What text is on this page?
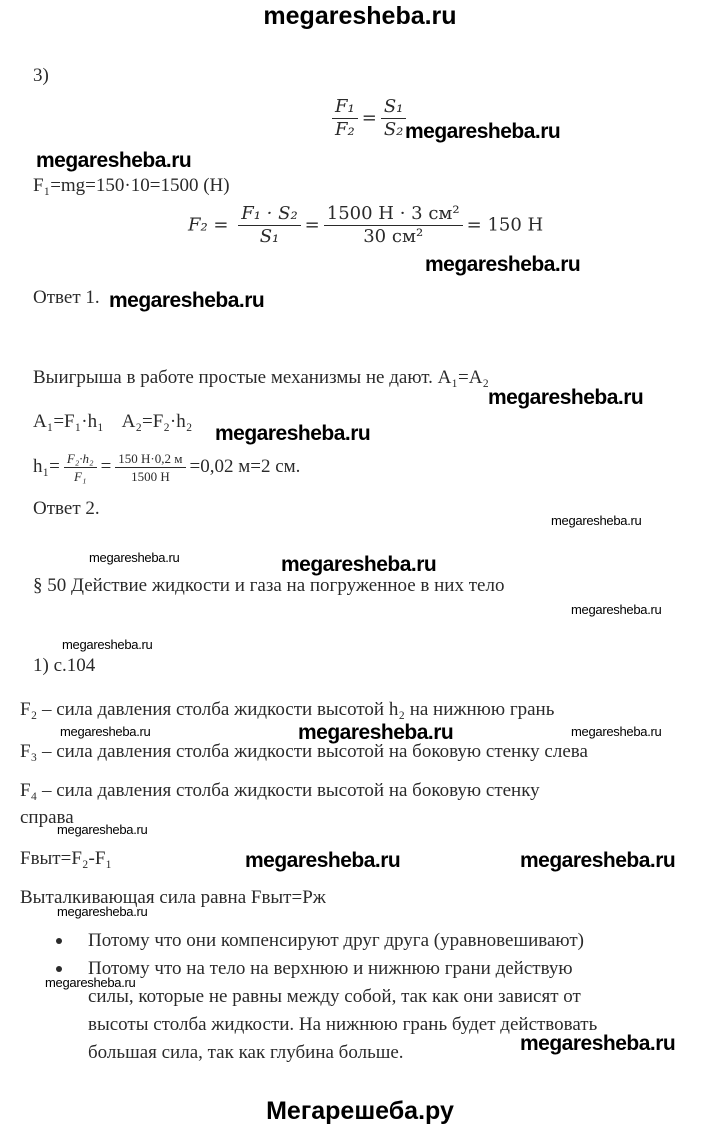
megaresheba.ru
3)
$\frac{\text{F₁}}{\text{F₂}} = \frac{\text{S₁}}{\text{S₂}}$
megaresheba.ru
megaresheba.ru
F₁=mg=150·10=1500 (Н)
$F_2 = \frac{\text{F₁ · S₂}}{\text{S₁}} = \frac{\text{1500 H · 3 см²}}{\text{30 см²}} = 150$ Н
megaresheba.ru
Ответ 1. megaresheba.ru
Выигрыша в работе простые механизмы не дают. A₁=A₂
megaresheba.ru
A₁=F₁·h₁    A₂=F₂·h₂
megaresheba.ru
$h_1= \frac{\text{F₂·h₂}}{\text{F₁}} = \frac{150 Н\cdot 0,2 м}{1500 Н} =0,02$ м=2 см.
Ответ 2.
megaresheba.ru
megaresheba.ru	megaresheba.ru
§ 50 Действие жидкости и газа на погруженное в них тело
megaresheba.ru
megaresheba.ru
1) с.104
F₂ – сила давления столба жидкости высотой h₂ на нижнюю грань
megaresheba.ru	megaresheba.ru	megaresheba.ru
F₃ – сила давления столба жидкости высотой на боковую стенку слева
F₄ – сила давления столба жидкости высотой на боковую стенку
справа
megaresheba.ru
Fвыт=F₂-F₁	megaresheba.ru	megaresheba.ru
Выталкивающая сила равна Fвыт=Pж
megaresheba.ru
Потому что они компенсируют друг друга (уравновешивают)
Потому что на тело на верхнюю и нижнюю грани действую
megaresheba.ru
силы, которые не равны между собой, так как они зависят от
высоты столба жидкости. На нижнюю грань будет действовать
большая сила, так как глубина больше.	megaresheba.ru
Мегарешеба.ру
